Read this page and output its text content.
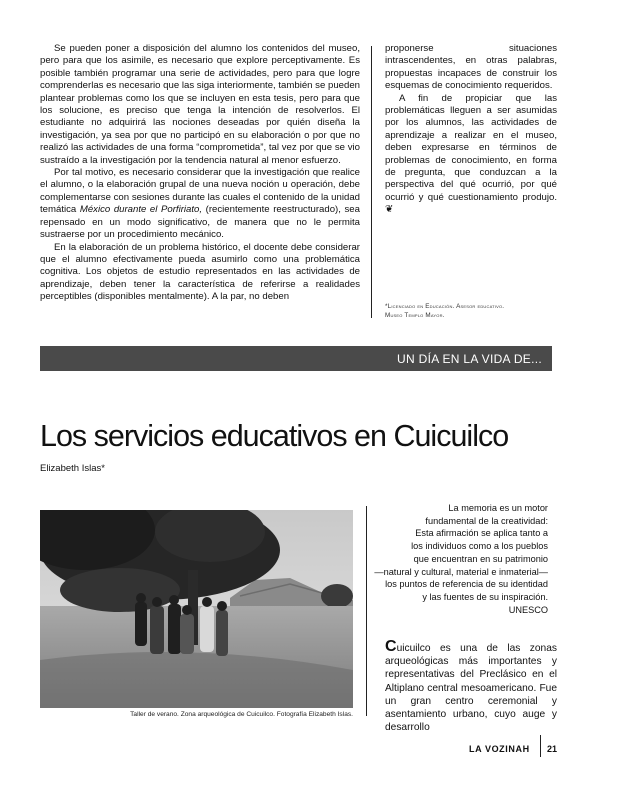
Se pueden poner a disposición del alumno los contenidos del museo, pero para que los asimile, es necesario que explore perceptivamente. Es posible también programar una serie de actividades, pero para que logre comprenderlas es necesario que las siga interiormente, también se pueden plantear problemas como los que se incluyen en esta tesis, pero para que los solucione, es preciso que tenga la intención de resolverlos. El estudiante no adquirirá las nociones deseadas por quién diseña la investigación, ya sea por que no participó en su elaboración o por que no realizó las actividades de una forma “comprometida”, tal vez por que se vio sustraído a la investigación por la tendencia natural al menor esfuerzo.

Por tal motivo, es necesario considerar que la investigación que realice el alumno, o la elaboración grupal de una nueva noción u operación, debe complementarse con sesiones durante las cuales el contenido de la unidad temática México durante el Porfiriato, (recientemente reestructurado), sea repensado en un modo significativo, de manera que no le permita sustraerse por un procedimiento mecánico.

En la elaboración de un problema histórico, el docente debe considerar que el alumno efectivamente pueda asumirlo como una problemática cognitiva. Los objetos de estudio representados en las actividades de aprendizaje, deben tener la característica de referirse a realidades perceptibles (disponibles mentalmente). A la par, no deben

proponerse situaciones intrascendentes, en otras palabras, propuestas incapaces de construir los esquemas de conocimiento requeridos.

A fin de propiciar que las problemáticas lleguen a ser asumidas por los alumnos, las actividades de aprendizaje a realizar en el museo, deben expresarse en términos de problemas de conocimiento, en forma de pregunta, que conduzcan a la perspectiva del qué ocurrió, por qué ocurrió y qué cuestionamiento produjo. ❦

*Licenciado en Educación. Asesor educativo.
Museo Templo Mayor.
UN DÍA EN LA VIDA DE...
Los servicios educativos en Cuicuilco
Elizabeth Islas*
Taller de verano. Zona arqueológica de Cuicuilco. Fotografía Elizabeth Islas.
La memoria es un motor
fundamental de la creatividad:
Esta afirmación se aplica tanto a
los individuos como a los pueblos
que encuentran en su patrimonio
—natural y cultural, material e inmaterial—
los puntos de referencia de su identidad
y las fuentes de su inspiración.
UNESCO

Cuicuilco es una de las zonas arqueológicas más importantes y representativas del Preclásico en el Altiplano central mesoamericano. Fue un gran centro ceremonial y asentamiento urbano, cuyo auge y desarrollo

LA VOZINAH 21
